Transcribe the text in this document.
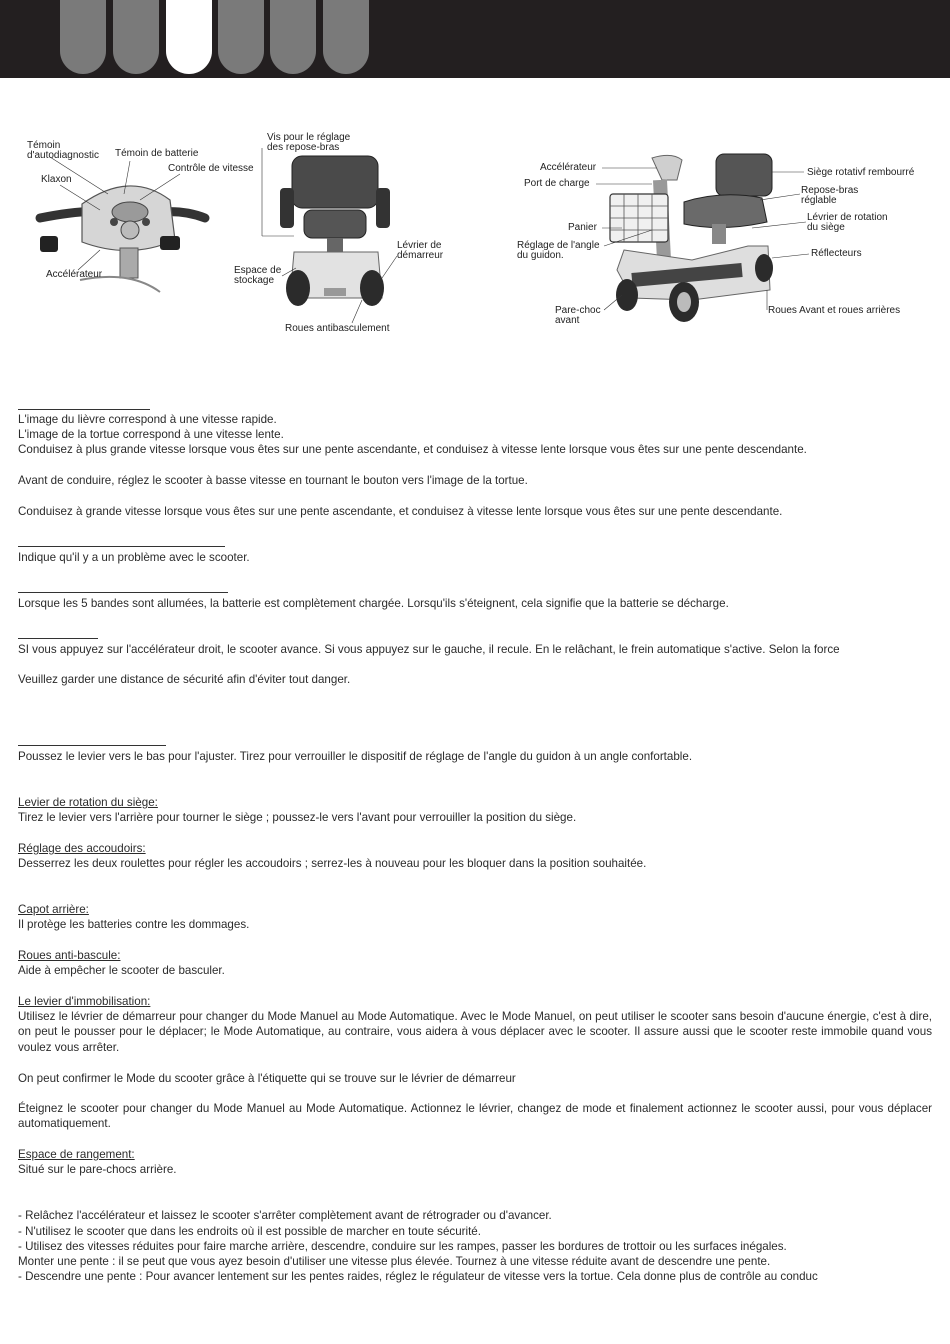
Témoin
d'autodiagnostic Témoin de batterie
Contrôle de vitesse
Klaxon
Accélérateur
Vis pour le réglage
des repose-bras
Lévrier de
démarreur
Espace de
stockage
Roues antibasculement
Accélérateur
Port de charge
Panier
Réglage de l'angle
du guidon.
Pare-choc
avant
Siège rotativf rembourré
Repose-bras
réglable
Lévrier de rotation
du siège
Réflecteurs
Roues Avant et roues arrières

L'image du lièvre correspond à une vitesse rapide.

L'image de la tortue correspond à une vitesse lente.

Conduisez à plus grande vitesse lorsque vous êtes sur une pente ascendante, et conduisez à vitesse lente lorsque vous êtes sur une pente descendante.

Avant de conduire, réglez le scooter à basse vitesse en tournant le bouton vers l'image de la tortue.

Conduisez à grande vitesse lorsque vous êtes sur une pente ascendante, et conduisez à vitesse lente lorsque vous êtes sur une pente descendante.

Indique qu'il y a un problème avec le scooter.

Lorsque les 5 bandes sont allumées, la batterie est complètement chargée. Lorsqu'ils s'éteignent, cela signifie que la batterie se décharge.

SI vous appuyez sur l'accélérateur droit, le scooter avance. Si vous appuyez sur le gauche, il recule. En le relâchant, le frein automatique s'active. Selon la force

Veuillez garder une distance de sécurité afin d'éviter tout danger.

Poussez le levier vers le bas pour l'ajuster. Tirez pour verrouiller le dispositif de réglage de l'angle du guidon à un angle confortable.

Levier de rotation du siège:

Tirez le levier vers l'arrière pour tourner le siège ; poussez-le vers l'avant pour verrouiller la position du siège.

Réglage des accoudoirs:

Desserrez les deux roulettes pour régler les accoudoirs ; serrez-les à nouveau pour les bloquer dans la position souhaitée.

Capot arrière:

Il protège les batteries contre les dommages.

Roues anti-bascule:

Aide à empêcher le scooter de basculer.

Le levier d'immobilisation:

Utilisez le lévrier de démarreur pour changer du Mode Manuel au Mode Automatique. Avec le Mode Manuel, on peut utiliser le scooter sans besoin d'aucune énergie, c'est à dire, on peut le pousser pour le déplacer; le Mode Automatique, au contraire, vous aidera à vous déplacer avec le scooter. Il assure aussi que le scooter reste immobile quand vous voulez vous arrêter.

On peut confirmer le Mode du scooter grâce à l'étiquette qui se trouve sur le lévrier de démarreur

Éteignez le scooter pour changer du Mode Manuel au Mode Automatique. Actionnez le lévrier, changez de mode et finalement actionnez le scooter aussi, pour vous déplacer automatiquement.

Espace de rangement:

Situé sur le pare-chocs arrière.

- Relâchez l'accélérateur et laissez le scooter s'arrêter complètement avant de rétrograder ou d'avancer.

- N'utilisez le scooter que dans les endroits où il est possible de marcher en toute sécurité.

- Utilisez des vitesses réduites pour faire marche arrière, descendre, conduire sur les rampes, passer les bordures de trottoir ou les surfaces inégales.

Monter une pente : il se peut que vous ayez besoin d'utiliser une vitesse plus élevée. Tournez à une vitesse réduite avant de descendre une pente.

- Descendre une pente : Pour avancer lentement sur les pentes raides, réglez le régulateur de vitesse vers la tortue. Cela donne plus de contrôle au conduc
